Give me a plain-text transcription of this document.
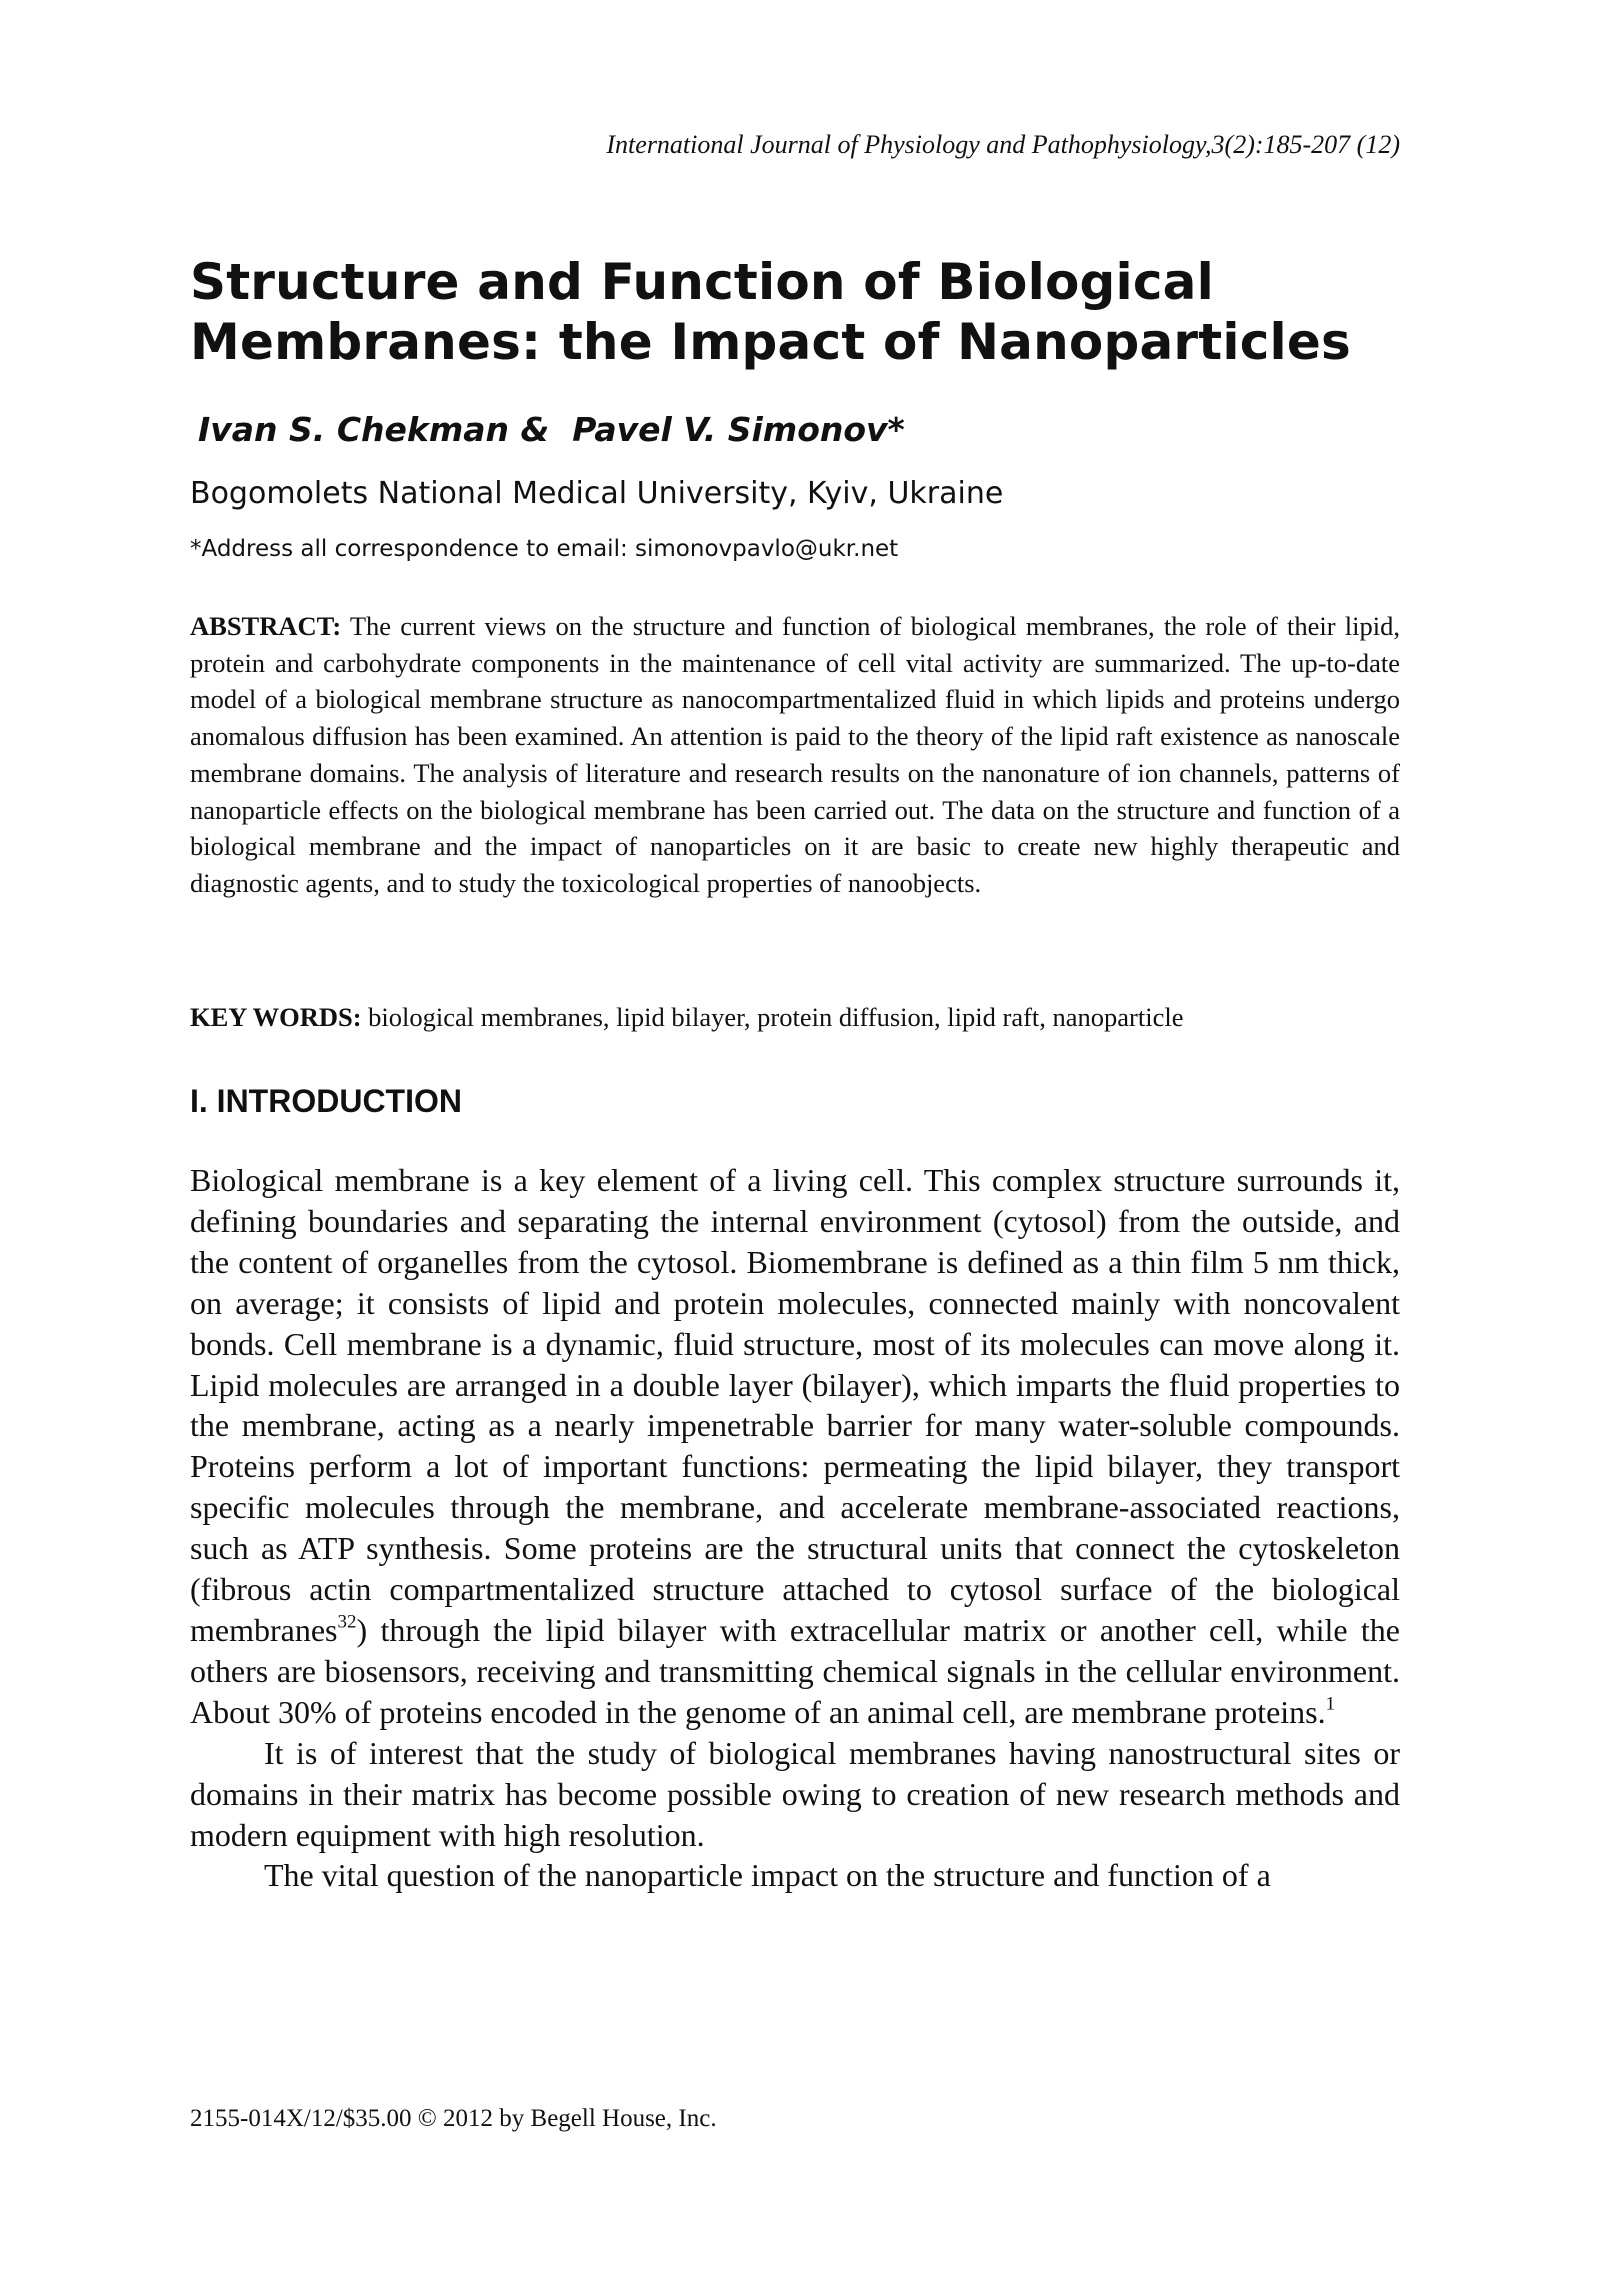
International Journal of Physiology and Pathophysiology,3(2):185-207 (12)
Structure and Function of Biological
Membranes: the Impact of Nanoparticles
Ivan S. Chekman &  Pavel V. Simonov*
Bogomolets National Medical University, Kyiv, Ukraine
*Address all correspondence to email: simonovpavlo@ukr.net

ABSTRACT: The current views on the structure and function of biological membranes, the role of their lipid, protein and carbohydrate components in the maintenance of cell vital activity are summarized. The up-to-date model of a biological membrane structure as nanocompartmentalized fluid in which lipids and proteins undergo anomalous diffusion has been examined. An attention is paid to the theory of the lipid raft existence as nanoscale membrane domains. The analysis of literature and research results on the nanonature of ion channels, patterns of nanoparticle effects on the biological membrane has been carried out. The data on the structure and function of a biological membrane and the impact of nanoparticles on it are basic to create new highly therapeutic and diagnostic agents, and to study the toxicological properties of nanoobjects.

KEY WORDS: biological membranes, lipid bilayer, protein diffusion, lipid raft, nanoparticle

I. INTRODUCTION

Biological membrane is a key element of a living cell. This complex structure surrounds it, defining boundaries and separating the internal environment (cytosol) from the outside, and the content of organelles from the cytosol. Biomembrane is defined as a thin film 5 nm thick, on average; it consists of lipid and protein molecules, connected mainly with noncovalent bonds. Cell membrane is a dynamic, fluid structure, most of its molecules can move along it. Lipid molecules are arranged in a double layer (bilayer), which imparts the fluid properties to the membrane, acting as a nearly impenetrable barrier for many water-soluble compounds. Proteins perform a lot of important functions: permeating the lipid bilayer, they transport specific molecules through the membrane, and accelerate membrane-associated reactions, such as ATP synthesis. Some proteins are the structural units that connect the cytoskeleton (fibrous actin compartmentalized structure attached to cytosol surface of the biological membranes$^{32}$) through the lipid bilayer with extracellular matrix or another cell, while the others are biosensors, receiving and transmitting chemical signals in the cellular environment. About 30% of proteins encoded in the genome of an animal cell, are membrane proteins.$^1$

It is of interest that the study of biological membranes having nanostructural sites or domains in their matrix has become possible owing to creation of new research methods and modern equipment with high resolution.

The vital question of the nanoparticle impact on the structure and function of a

2155-014X/12/$35.00 © 2012 by Begell House, Inc.
